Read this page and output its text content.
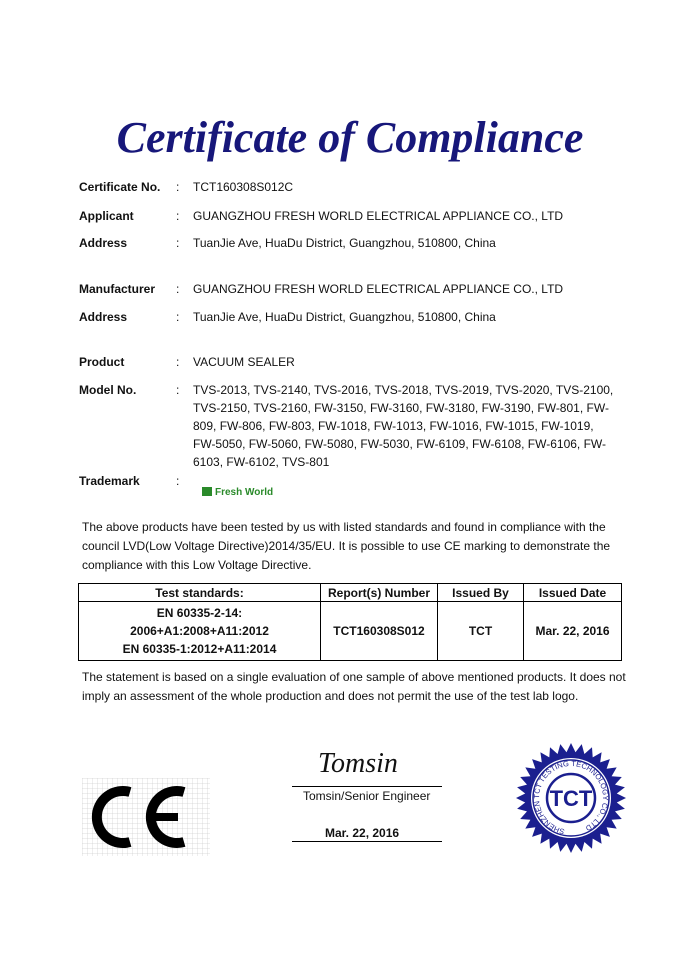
Certificate of Compliance
Certificate No. : TCT160308S012C
Applicant	: GUANGZHOU FRESH WORLD ELECTRICAL APPLIANCE CO., LTD
Address	: TuanJie Ave, HuaDu District, Guangzhou, 510800, China
Manufacturer : GUANGZHOU FRESH WORLD ELECTRICAL APPLIANCE CO., LTD
Address	: TuanJie Ave, HuaDu District, Guangzhou, 510800, China
Product	: VACUUM SEALER
Model No.	: TVS-2013, TVS-2140, TVS-2016, TVS-2018, TVS-2019, TVS-2020, TVS-2100, TVS-2150, TVS-2160, FW-3150, FW-3160, FW-3180, FW-3190, FW-801, FW-809, FW-806, FW-803, FW-1018, FW-1013, FW-1016, FW-1015, FW-1019, FW-5050, FW-5060, FW-5080, FW-5030, FW-6109, FW-6108, FW-6106, FW-6103, FW-6102, TVS-801
Trademark	:
Fresh World
The above products have been tested by us with listed standards and found in compliance with the council LVD(Low Voltage Directive)2014/35/EU. It is possible to use CE marking to demonstrate the compliance with this Low Voltage Directive.
Test standards:	Report(s) Number	Issued By	Issued Date

EN 60335-2-14:
2006+A1:2008+A11:2012
EN 60335-1:2012+A11:2014	TCT160308S012	TCT	Mar. 22, 2016
The statement is based on a single evaluation of one sample of above mentioned products. It does not imply an assessment of the whole production and does not permit the use of the test lab logo.
Tomsin
Tomsin/Senior Engineer
Mar. 22, 2016	SHENZHEN TCT TESTING TECHNOLOGY CO., LTD
TCT
